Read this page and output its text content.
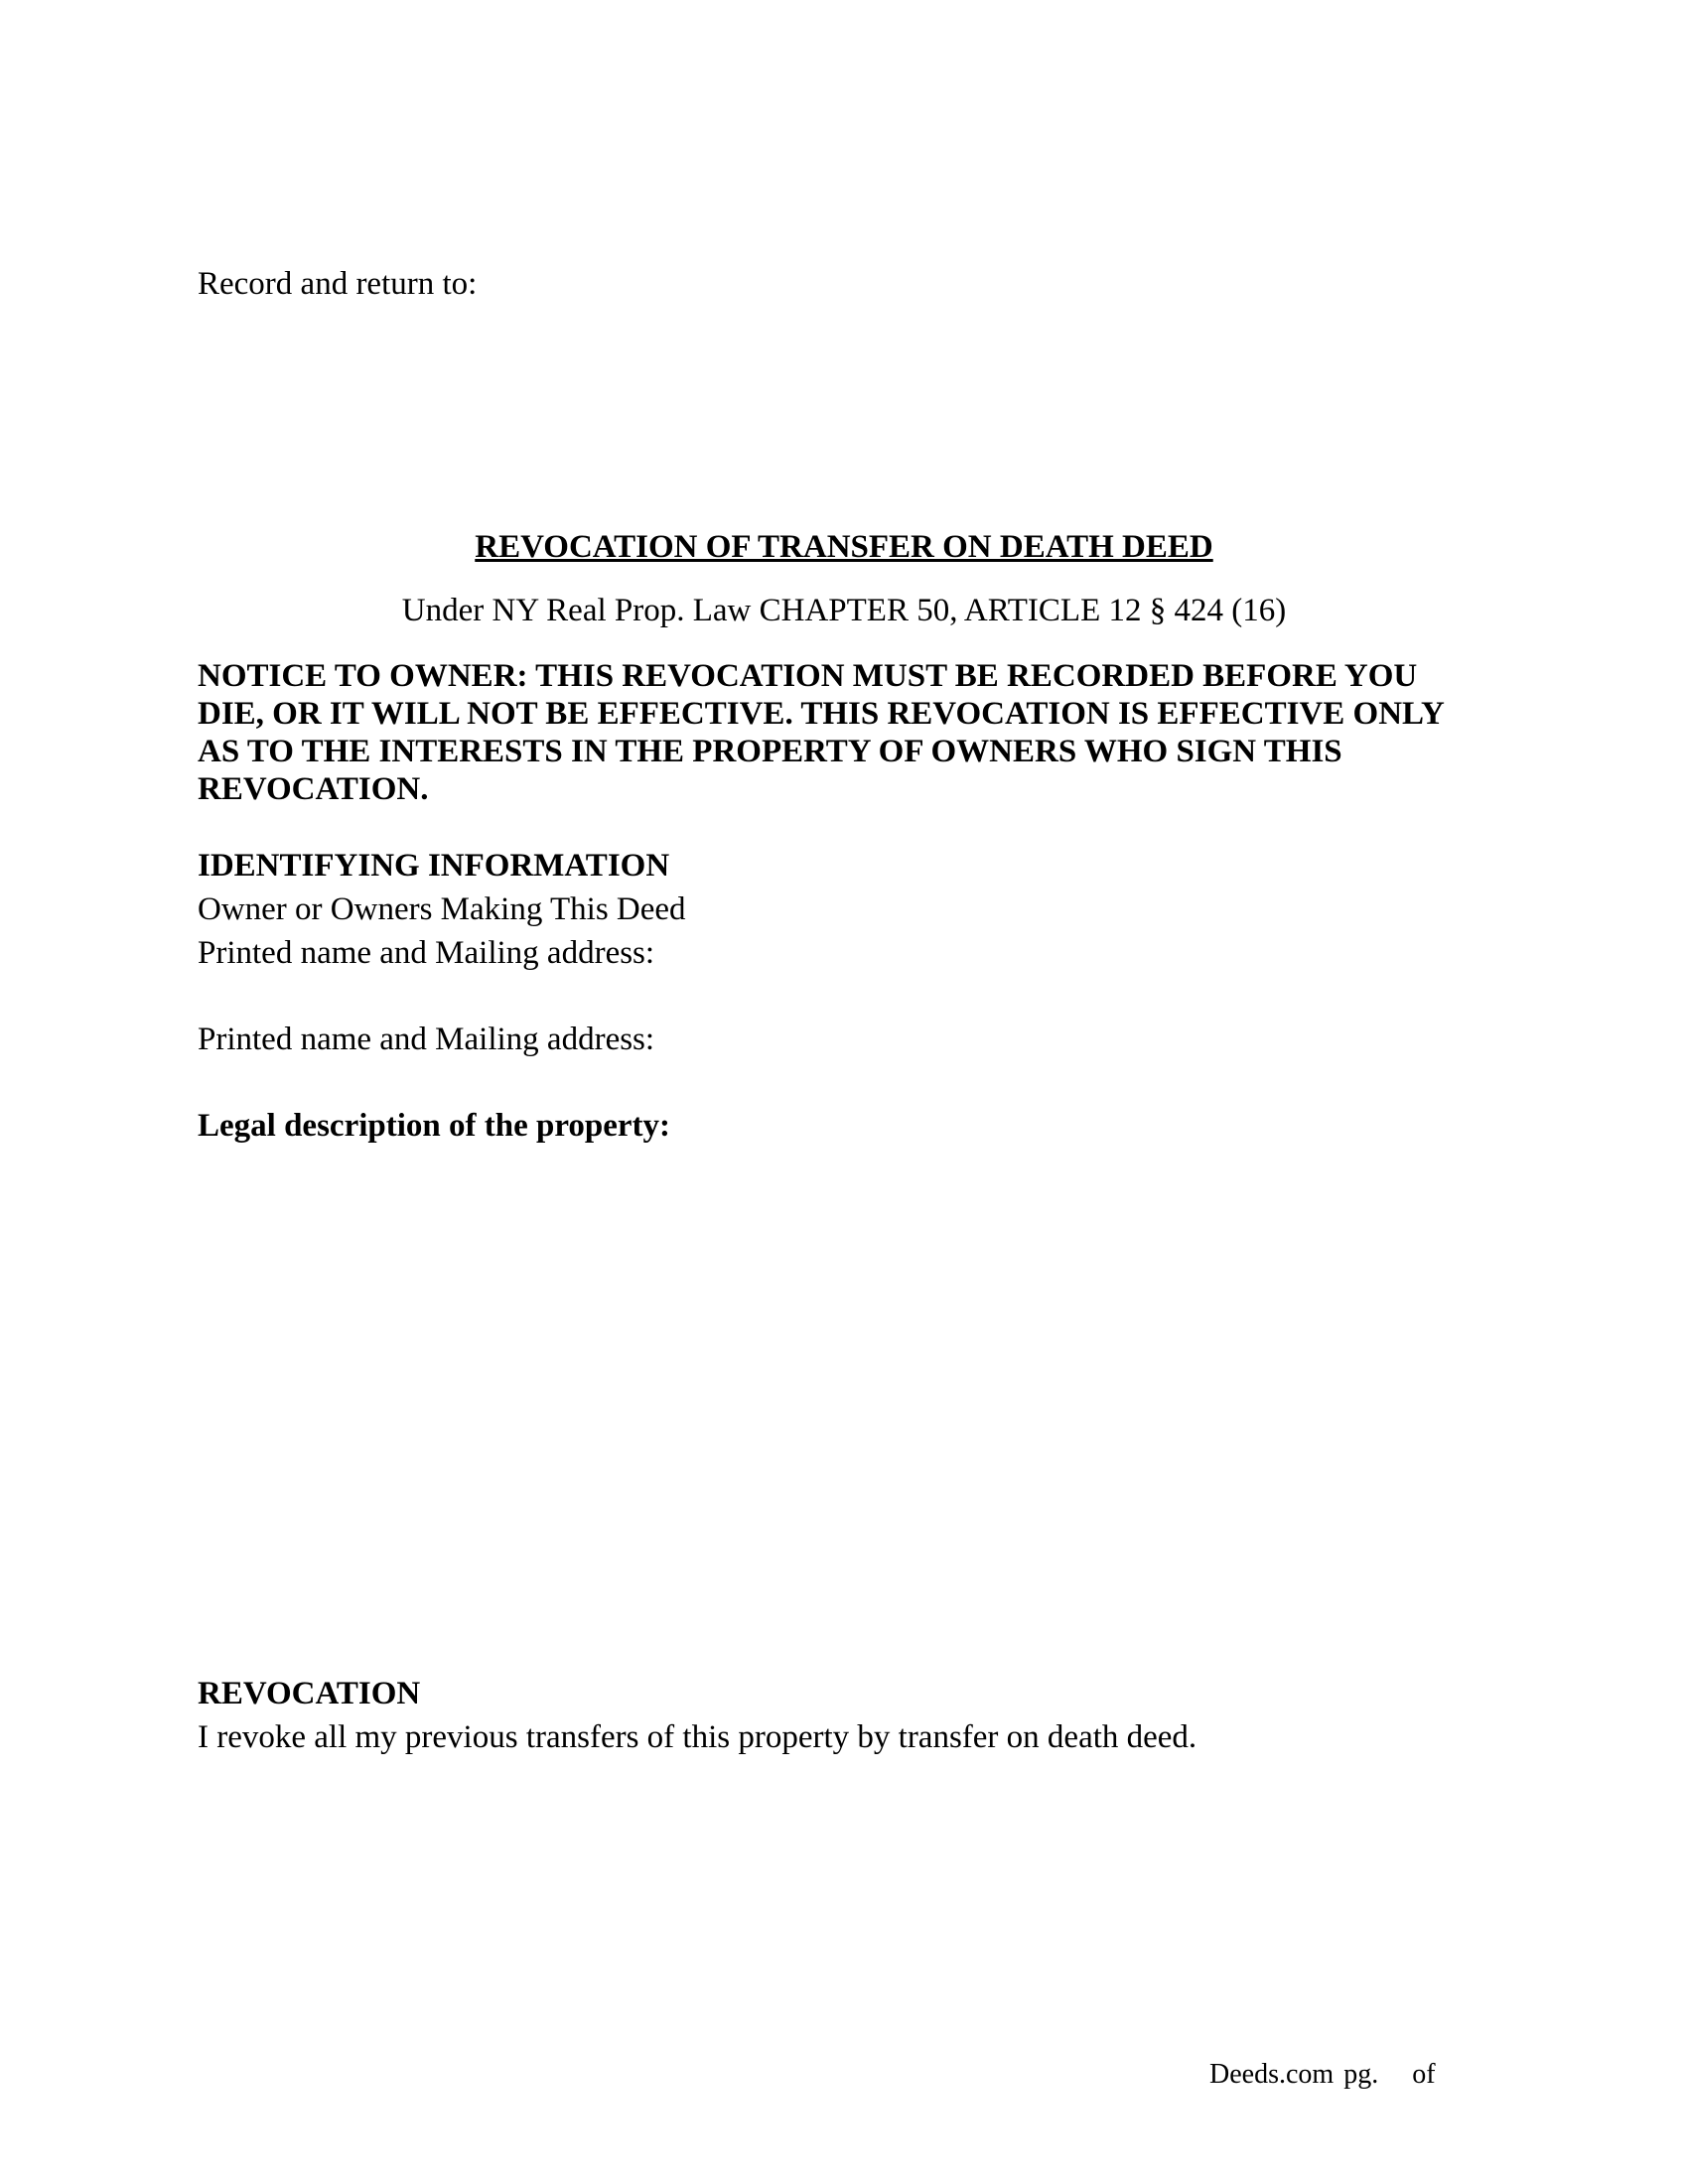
Record and return to:
REVOCATION OF TRANSFER ON DEATH DEED
Under NY Real Prop. Law CHAPTER 50, ARTICLE 12 § 424 (16)
NOTICE TO OWNER: THIS REVOCATION MUST BE RECORDED BEFORE YOU
DIE, OR IT WILL NOT BE EFFECTIVE. THIS REVOCATION IS EFFECTIVE ONLY
AS TO THE INTERESTS IN THE PROPERTY OF OWNERS WHO SIGN THIS
REVOCATION.
IDENTIFYING INFORMATION
Owner or Owners Making This Deed
Printed name and Mailing address:
Printed name and Mailing address:
Legal description of the property:
REVOCATION
I revoke all my previous transfers of this property by transfer on death deed.
Deeds.com pg. of
